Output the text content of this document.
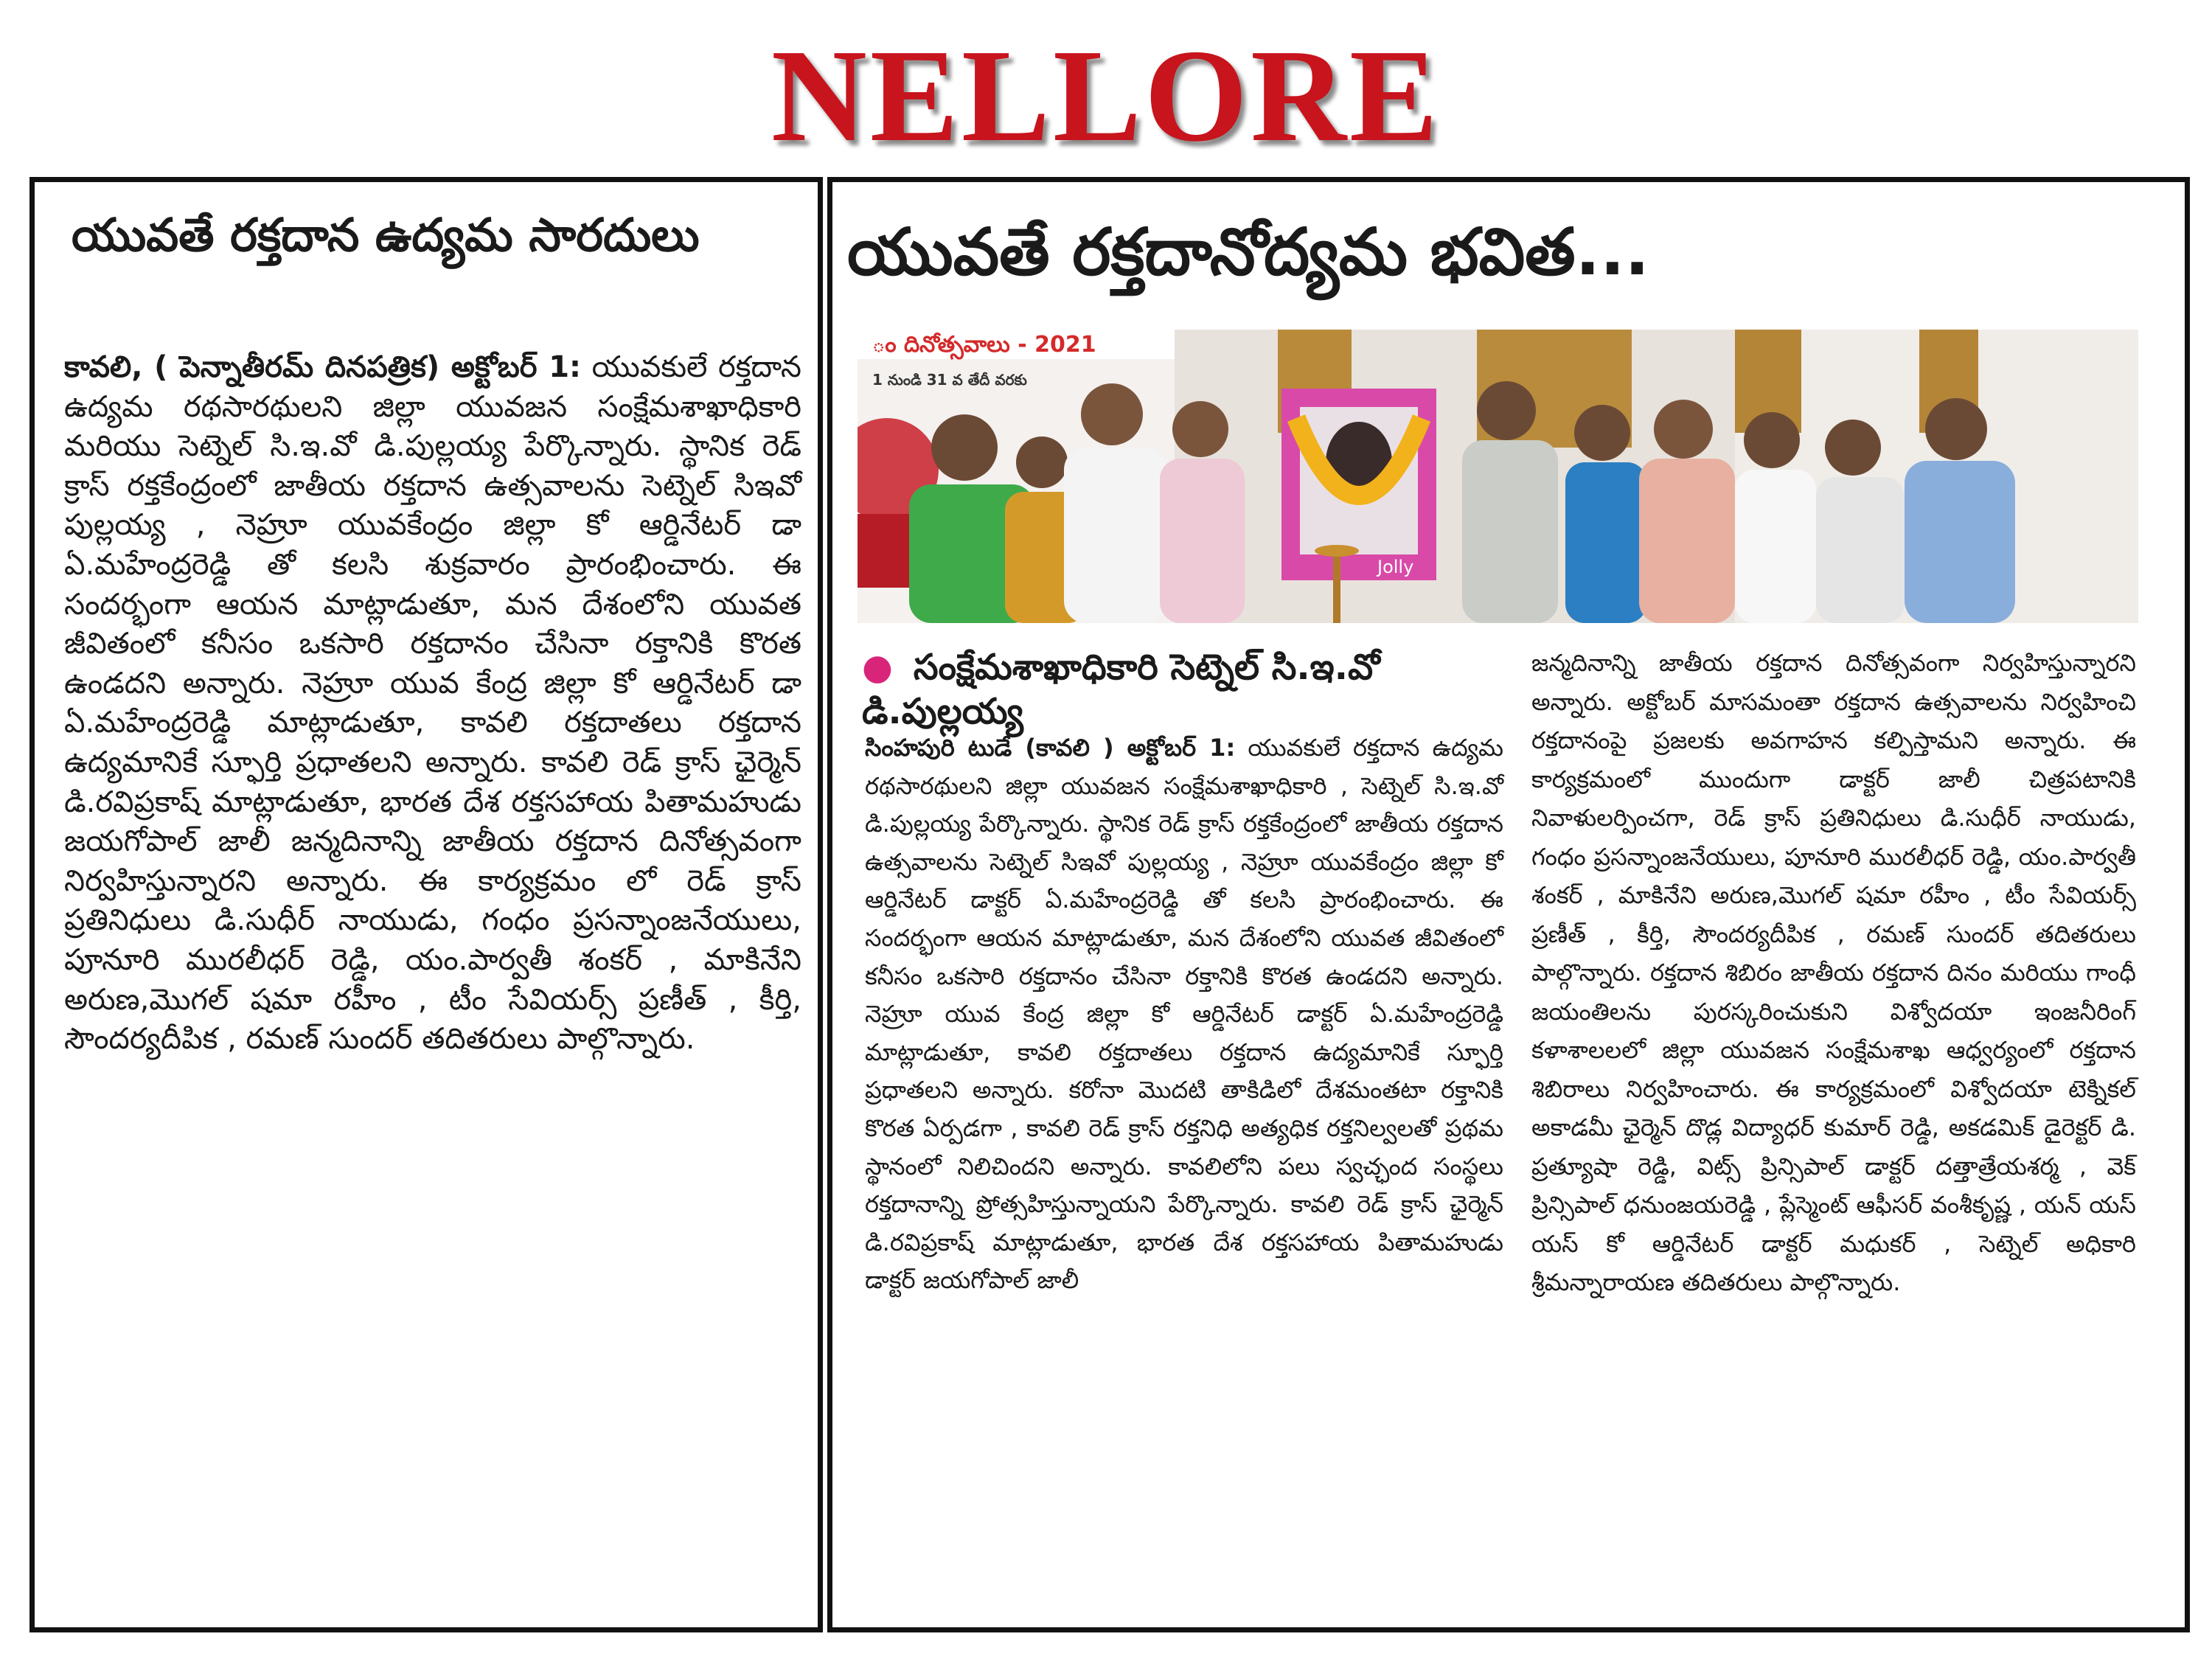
NELLORE
యువతే రక్తదాన ఉద్యమ సారదులు
కావలి, ( పెన్నాతీరమ్ దినపత్రిక) అక్టోబర్ 1: యువకులే రక్తదాన ఉద్యమ రథసారథులని జిల్లా యువజన సంక్షేమశాఖాధికారి మరియు సెట్నెల్ సి.ఇ.వో డి.పుల్లయ్య పేర్కొన్నారు. స్థానిక రెడ్ క్రాస్ రక్తకేంద్రంలో జాతీయ రక్తదాన ఉత్సవాలను సెట్నెల్ సిఇవో పుల్లయ్య , నెహ్రూ యువకేంద్రం జిల్లా కో ఆర్డినేటర్ డా ఏ.మహేంద్రరెడ్డి తో కలసి శుక్రవారం ప్రారంభించారు. ఈ సందర్భంగా ఆయన మాట్లాడుతూ, మన దేశంలోని యువత జీవితంలో కనీసం ఒకసారి రక్తదానం చేసినా రక్తానికి కొరత ఉండదని అన్నారు. నెహ్రూ యువ కేంద్ర జిల్లా కో ఆర్డినేటర్ డా ఏ.మహేంద్రరెడ్డి మాట్లాడుతూ, కావలి రక్తదాతలు రక్తదాన ఉద్యమానికే స్ఫూర్తి ప్రధాతలని అన్నారు. కావలి రెడ్ క్రాస్ ఛైర్మెన్ డి.రవిప్రకాష్ మాట్లాడుతూ, భారత దేశ రక్తసహాయ పితామహుడు జయగోపాల్ జాలీ జన్మదినాన్ని జాతీయ రక్తదాన దినోత్సవంగా నిర్వహిస్తున్నారని అన్నారు. ఈ కార్యక్రమం లో రెడ్ క్రాస్ ప్రతినిధులు డి.సుధీర్ నాయుడు, గంధం ప్రసన్నాంజనేయులు, పూనూరి మురలీధర్ రెడ్డి, యం.పార్వతీ శంకర్ , మాకినేని అరుణ,మొగల్ షమా రహీం , టీం సేవియర్స్ ప్రణీత్ , కీర్తి, సౌందర్యదీపిక , రమణ్ సుందర్ తదితరులు పాల్గొన్నారు.
యువతే రక్తదానోద్యమ భవిత...
ం దినోత్సవాలు - 2021
1 నుండి 31 వ తేదీ వరకు
Jolly
● సంక్షేమశాఖాధికారి సెట్నెల్ సి.ఇ.వో డి.పుల్లయ్య
సింహపురి టుడే (కావలి ) అక్టోబర్ 1: యువకులే రక్తదాన ఉద్యమ రథసారథులని జిల్లా యువజన సంక్షేమశాఖాధికారి , సెట్నెల్ సి.ఇ.వో డి.పుల్లయ్య పేర్కొన్నారు. స్థానిక రెడ్ క్రాస్ రక్తకేంద్రంలో జాతీయ రక్తదాన ఉత్సవాలను సెట్నెల్ సిఇవో పుల్లయ్య , నెహ్రూ యువకేంద్రం జిల్లా కో ఆర్డినేటర్ డాక్టర్ ఏ.మహేంద్రరెడ్డి తో కలసి ప్రారంభించారు. ఈ సందర్భంగా ఆయన మాట్లాడుతూ, మన దేశంలోని యువత జీవితంలో కనీసం ఒకసారి రక్తదానం చేసినా రక్తానికి కొరత ఉండదని అన్నారు. నెహ్రూ యువ కేంద్ర జిల్లా కో ఆర్డినేటర్ డాక్టర్ ఏ.మహేంద్రరెడ్డి మాట్లాడుతూ, కావలి రక్తదాతలు రక్తదాన ఉద్యమానికే స్ఫూర్తి ప్రధాతలని అన్నారు. కరోనా మొదటి తాకిడిలో దేశమంతటా రక్తానికి కొరత ఏర్పడగా , కావలి రెడ్ క్రాస్ రక్తనిధి అత్యధిక రక్తనిల్వలతో ప్రథమ స్థానంలో నిలిచిందని అన్నారు. కావలిలోని పలు స్వచ్ఛంద సంస్థలు రక్తదానాన్ని ప్రోత్సహిస్తున్నాయని పేర్కొన్నారు. కావలి రెడ్ క్రాస్ ఛైర్మెన్ డి.రవిప్రకాష్ మాట్లాడుతూ, భారత దేశ రక్తసహాయ పితామహుడు డాక్టర్ జయగోపాల్ జాలీ
జన్మదినాన్ని జాతీయ రక్తదాన దినోత్సవంగా నిర్వహిస్తున్నారని అన్నారు. అక్టోబర్ మాసమంతా రక్తదాన ఉత్సవాలను నిర్వహించి రక్తదానంపై ప్రజలకు అవగాహన కల్పిస్తామని అన్నారు. ఈ కార్యక్రమంలో ముందుగా డాక్టర్ జాలీ చిత్రపటానికి నివాళులర్పించగా, రెడ్ క్రాస్ ప్రతినిధులు డి.సుధీర్ నాయుడు, గంధం ప్రసన్నాంజనేయులు, పూనూరి మురలీధర్ రెడ్డి, యం.పార్వతీ శంకర్ , మాకినేని అరుణ,మొగల్ షమా రహీం , టీం సేవియర్స్ ప్రణీత్ , కీర్తి, సౌందర్యదీపిక , రమణ్ సుందర్ తదితరులు పాల్గొన్నారు. రక్తదాన శిబిరం జాతీయ రక్తదాన దినం మరియు గాంధీ జయంతిలను పురస్కరించుకుని విశ్వోదయా ఇంజనీరింగ్ కళాశాలలలో జిల్లా యువజన సంక్షేమశాఖ ఆధ్వర్యంలో రక్తదాన శిబిరాలు నిర్వహించారు. ఈ కార్యక్రమంలో విశ్వోదయా టెక్నికల్ అకాడమీ ఛైర్మెన్ దొడ్ల విద్యాధర్ కుమార్ రెడ్డి, అకడమిక్ డైరెక్టర్ డి. ప్రత్యూషా రెడ్డి, విట్స్ ప్రిన్సిపాల్ డాక్టర్ దత్తాత్రేయశర్మ , వెక్ ప్రిన్సిపాల్ ధనుంజయరెడ్డి , ప్లేస్మెంట్ ఆఫీసర్ వంశీకృష్ణ , యన్ యస్ యస్ కో ఆర్డినేటర్ డాక్టర్ మధుకర్ , సెట్నెల్ అధికారి శ్రీమన్నారాయణ తదితరులు పాల్గొన్నారు.
